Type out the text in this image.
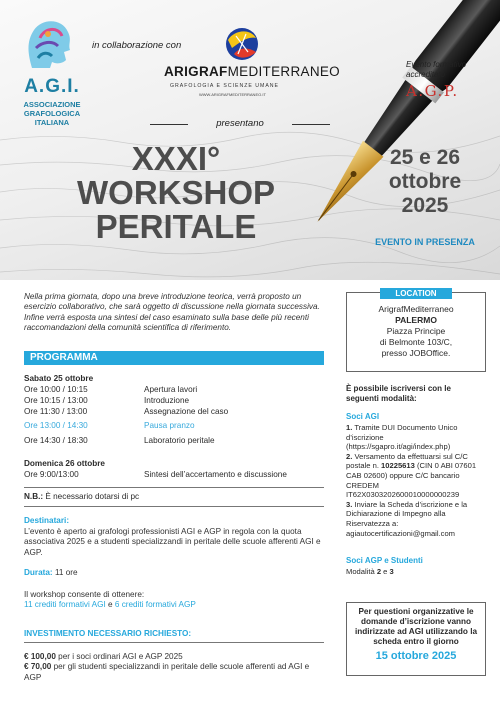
A.G.I.
ASSOCIAZIONE
GRAFOLOGICA
ITALIANA
in collaborazione con
ARIGRAFMEDITERRANEO
GRAFOLOGIA E SCIENZE UMANE
WWW.ARIGRAFMEDITERRANEO.IT
Evento formativo accreditato
A.G.P.
presentano
XXXI°
WORKSHOP
PERITALE
25 e 26
ottobre
2025
EVENTO IN PRESENZA
Nella prima giornata, dopo una breve introduzione teorica, verrà proposto un esercizio collaborativo, che sarà oggetto di discussione nella giornata successiva. Infine verrà esposta una sintesi del caso esaminato sulla base delle più recenti raccomandazioni della comunità scientifica di riferimento.
PROGRAMMA
Sabato 25 ottobre
Ore 10:00 / 10:15	Apertura lavori
Ore 10:15 / 13:00	Introduzione
Ore 11:30 / 13:00	Assegnazione del caso
Ore 13:00 / 14:30	Pausa pranzo
Ore 14:30 / 18:30	Laboratorio peritale
Domenica 26 ottobre
Ore 9:00/13:00	Sintesi dell’accertamento e discussione
N.B.: È necessario dotarsi di pc
Destinatari:
L’evento è aperto ai grafologi professionisti AGI e AGP in regola con la quota associativa 2025 e a studenti specializzandi in peritale delle scuole afferenti AGI e AGP.
Durata: 11 ore
Il workshop consente di ottenere:
11 crediti formativi AGI e 6 crediti formativi AGP
INVESTIMENTO NECESSARIO RICHIESTO:
€ 100,00 per i soci ordinari AGI e AGP 2025
€ 70,00 per gli studenti specializzandi in peritale delle scuole afferenti ad AGI e AGP
LOCATION
ArigrafMediterraneo
PALERMO
Piazza Principe
di Belmonte 103/C,
presso JOBOffice.
È possibile iscriversi con le seguenti modalità:
Soci AGI
1. Tramite DUI Documento Unico d’iscrizione (https://sgapro.it/agi/index.php)
2. Versamento da effettuarsi sul C/C postale n. 10225613 (CIN 0 ABI 07601 CAB 02600) oppure C/C bancario CREDEM
IT62X0303202600010000000239
3. Inviare la Scheda d’iscrizione e la Dichiarazione di Impegno alla Riservatezza a:
agiautocertificazioni@gmail.com
Soci AGP e Studenti
Modalità 2 e 3
Per questioni organizzative le domande d’iscrizione vanno indirizzate ad AGI utilizzando la scheda entro il giorno
15 ottobre 2025
